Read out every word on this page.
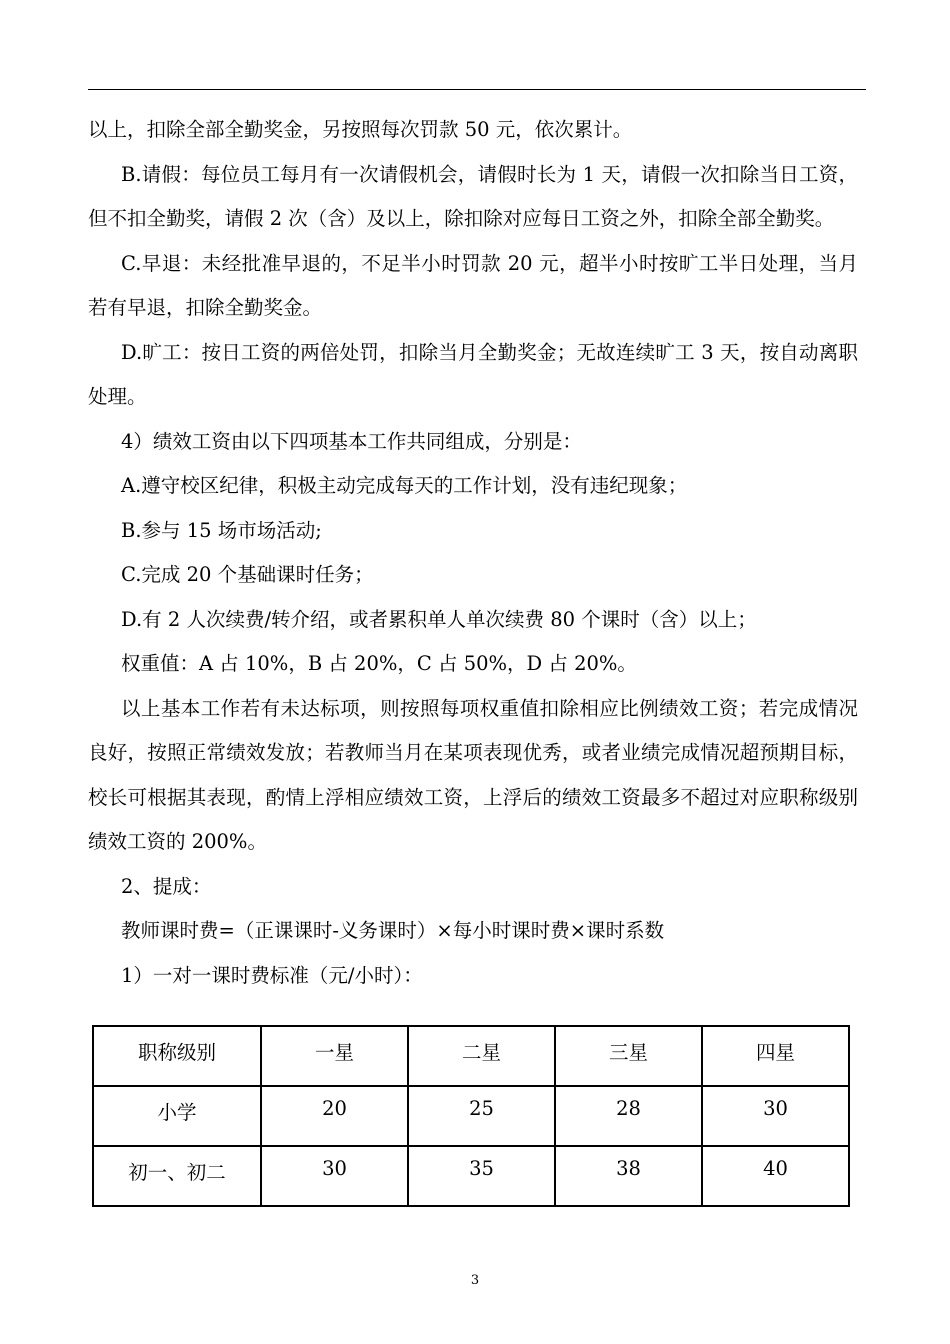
以上，扣除全部全勤奖金，另按照每次罚款 50 元，依次累计。

B.请假：每位员工每月有一次请假机会，请假时长为 1 天，请假一次扣除当日工资，但不扣全勤奖，请假 2 次（含）及以上，除扣除对应每日工资之外，扣除全部全勤奖。

C.早退：未经批准早退的，不足半小时罚款 20 元，超半小时按旷工半日处理，当月若有早退，扣除全勤奖金。

D.旷工：按日工资的两倍处罚，扣除当月全勤奖金；无故连续旷工 3 天，按自动离职处理。

4）绩效工资由以下四项基本工作共同组成，分别是：

A.遵守校区纪律，积极主动完成每天的工作计划，没有违纪现象；

B.参与 15 场市场活动;

C.完成 20 个基础课时任务；

D.有 2 人次续费/转介绍，或者累积单人单次续费 80 个课时（含）以上；

权重值：A 占 10%，B 占 20%，C 占 50%，D 占 20%。

以上基本工作若有未达标项，则按照每项权重值扣除相应比例绩效工资；若完成情况良好，按照正常绩效发放；若教师当月在某项表现优秀，或者业绩完成情况超预期目标，校长可根据其表现，酌情上浮相应绩效工资，上浮后的绩效工资最多不超过对应职称级别绩效工资的 200%。

2、提成：

教师课时费=（正课课时-义务课时）×每小时课时费×课时系数

1）一对一课时费标准（元/小时）：

职称级别	一星	二星	三星	四星
小学	20	25	28	30
初一、初二	30	35	38	40
3
